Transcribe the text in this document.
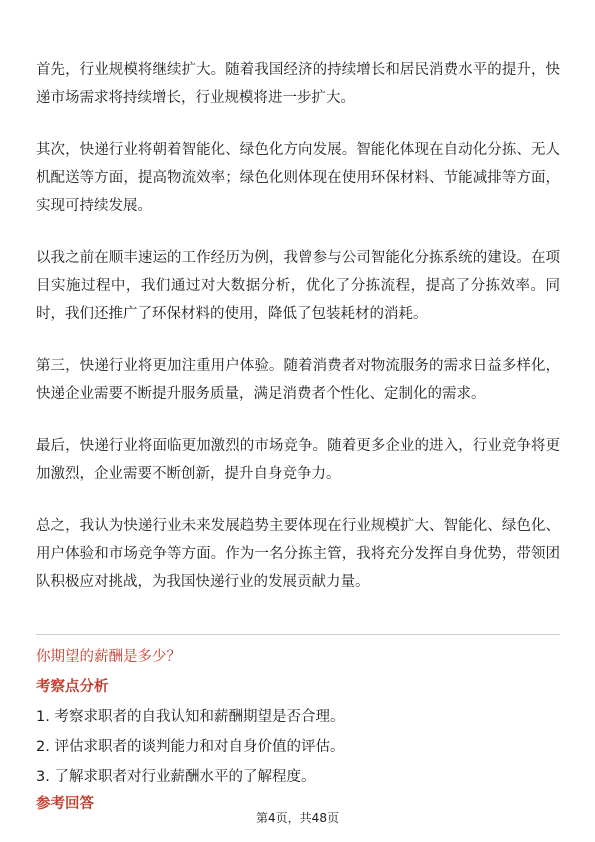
首先，行业规模将继续扩大。随着我国经济的持续增长和居民消费水平的提升，快递市场需求将持续增长，行业规模将进一步扩大。

其次，快递行业将朝着智能化、绿色化方向发展。智能化体现在自动化分拣、无人机配送等方面，提高物流效率；绿色化则体现在使用环保材料、节能减排等方面，实现可持续发展。

以我之前在顺丰速运的工作经历为例，我曾参与公司智能化分拣系统的建设。在项目实施过程中，我们通过对大数据分析，优化了分拣流程，提高了分拣效率。同时，我们还推广了环保材料的使用，降低了包装耗材的消耗。

第三，快递行业将更加注重用户体验。随着消费者对物流服务的需求日益多样化，快递企业需要不断提升服务质量，满足消费者个性化、定制化的需求。

最后，快递行业将面临更加激烈的市场竞争。随着更多企业的进入，行业竞争将更加激烈，企业需要不断创新，提升自身竞争力。

总之，我认为快递行业未来发展趋势主要体现在行业规模扩大、智能化、绿色化、用户体验和市场竞争等方面。作为一名分拣主管，我将充分发挥自身优势，带领团队积极应对挑战，为我国快递行业的发展贡献力量。

你期望的薪酬是多少？

考察点分析

1. 考察求职者的自我认知和薪酬期望是否合理。
2. 评估求职者的谈判能力和对自身价值的评估。
3. 了解求职者对行业薪酬水平的了解程度。

参考回答

第4页，共48页
